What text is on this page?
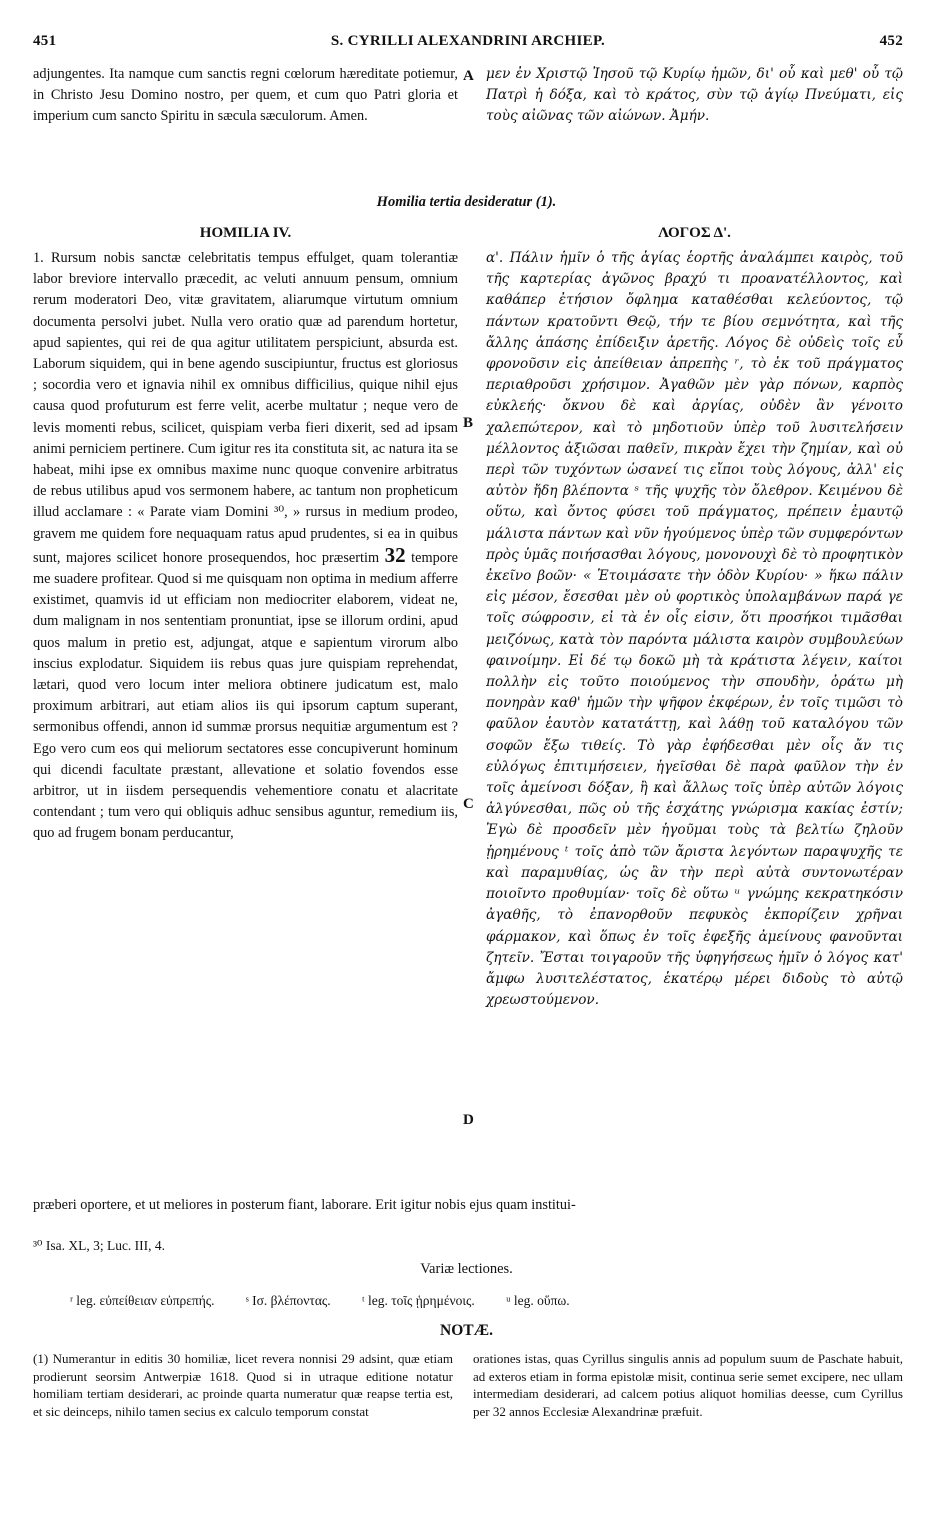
451	S. CYRILLI ALEXANDRINI ARCHIEP.	452

adjungentes. Ita namque cum sanctis regni cœlorum hæreditate potiemur, in Christo Jesu Domino nostro, per quem, et cum quo Patri gloria et imperium cum sancto Spiritu in sæcula sæculorum. Amen.

μεν ἐν Χριστῷ Ἰησοῦ τῷ Κυρίῳ ἡμῶν, δι' οὗ καὶ μεθ' οὗ τῷ Πατρὶ ἡ δόξα, καὶ τὸ κράτος, σὺν τῷ ἁγίῳ Πνεύματι, εἰς τοὺς αἰῶνας τῶν αἰώνων. Ἀμήν.

A
Homilia tertia desideratur (1).
HOMILIA IV.	ΛΟΓΟΣ Δ'.

1. Rursum nobis sanctæ celebritatis tempus effulget, quam tolerantiæ labor breviore intervallo præcedit, ac veluti annuum pensum, omnium rerum moderatori Deo, vitæ gravitatem, aliarumque virtutum omnium documenta persolvi jubet. Nulla vero oratio quæ ad parendum hortetur, apud sapientes, qui rei de qua agitur utilitatem perspiciunt, absurda est. Laborum siquidem, qui in bene agendo suscipiuntur, fructus est gloriosus ; socordia vero et ignavia nihil ex omnibus difficilius, quique nihil ejus causa quod profuturum est ferre velit, acerbe multatur ; neque vero de levis momenti rebus, scilicet, quispiam verba fieri dixerit, sed ad ipsam animi perniciem pertinere. Cum igitur res ita constituta sit, ac natura ita se habeat, mihi ipse ex omnibus maxime nunc quoque convenire arbitratus de rebus utilibus apud vos sermonem habere, ac tantum non propheticum illud acclamare : « Parate viam Domini ³⁰, » rursus in medium prodeo, gravem me quidem fore nequaquam ratus apud prudentes, si ea in quibus sunt, majores scilicet honore prosequendos, hoc præsertim 32 tempore me suadere profitear. Quod si me quisquam non optima in medium afferre existimet, quamvis id ut efficiam non mediocriter elaborem, videat ne, dum malignam in nos sententiam pronuntiat, ipse se illorum ordini, apud quos malum in pretio est, adjungat, atque e sapientum virorum albo inscius explodatur. Siquidem iis rebus quas jure quispiam reprehendat, lætari, quod vero locum inter meliora obtinere judicatum est, malo proximum arbitrari, aut etiam alios iis qui ipsorum captum superant, sermonibus offendi, annon id summæ prorsus nequitiæ argumentum est ? Ego vero cum eos qui meliorum sectatores esse concupiverunt hominum qui dicendi facultate præstant, allevatione et solatio fovendos esse arbitror, ut in iisdem persequendis vehementiore conatu et alacritate contendant ; tum vero qui obliquis adhuc sensibus aguntur, remedium iis, quo ad frugem bonam perducantur,

α'. Πάλιν ἡμῖν ὁ τῆς ἁγίας ἑορτῆς ἀναλάμπει καιρὸς, τοῦ τῆς καρτερίας ἀγῶνος βραχύ τι προανατέλλοντος, καὶ καθάπερ ἐτήσιον ὄφλημα καταθέσθαι κελεύοντος, τῷ πάντων κρατοῦντι Θεῷ, τήν τε βίου σεμνότητα, καὶ τῆς ἄλλης ἁπάσης ἐπίδειξιν ἀρετῆς. Λόγος δὲ οὐδεὶς τοῖς εὖ φρονοῦσιν εἰς ἀπείθειαν ἀπρεπὴς ʳ, τὸ ἐκ τοῦ πράγματος περιαθροῦσι χρήσιμον. Ἀγαθῶν μὲν γὰρ πόνων, καρπὸς εὐκλεής· ὄκνου δὲ καὶ ἀργίας, οὐδὲν ἂν γένοιτο χαλεπώτερον, καὶ τὸ μηδοτιοῦν ὑπὲρ τοῦ λυσιτελήσειν μέλλοντος ἀξιῶσαι παθεῖν, πικρὰν ἔχει τὴν ζημίαν, καὶ οὐ περὶ τῶν τυχόντων ὡσανεί τις εἴποι τοὺς λόγους, ἀλλ' εἰς αὐτὸν ἤδη βλέποντα ˢ τῆς ψυχῆς τὸν ὄλεθρον. Κειμένου δὲ οὕτω, καὶ ὄντος φύσει τοῦ πράγματος, πρέπειν ἐμαυτῷ μάλιστα πάντων καὶ νῦν ἡγούμενος ὑπὲρ τῶν συμφερόντων πρὸς ὑμᾶς ποιήσασθαι λόγους, μονονουχὶ δὲ τὸ προφητικὸν ἐκεῖνο βοῶν· « Ἑτοιμάσατε τὴν ὁδὸν Κυρίου· » ἥκω πάλιν εἰς μέσον, ἔσεσθαι μὲν οὐ φορτικὸς ὑπολαμβάνων παρά γε τοῖς σώφροσιν, εἰ τὰ ἐν οἷς εἰσιν, ὅτι προσήκοι τιμᾶσθαι μειζόνως, κατὰ τὸν παρόντα μάλιστα καιρὸν συμβουλεύων φαινοίμην. Εἰ δέ τῳ δοκῶ μὴ τὰ κράτιστα λέγειν, καίτοι πολλὴν εἰς τοῦτο ποιούμενος τὴν σπουδὴν, ὁράτω μὴ πονηρὰν καθ' ἡμῶν τὴν ψῆφον ἐκφέρων, ἐν τοῖς τιμῶσι τὸ φαῦλον ἑαυτὸν κατατάττῃ, καὶ λάθῃ τοῦ καταλόγου τῶν σοφῶν ἔξω τιθείς. Τὸ γὰρ ἐφήδεσθαι μὲν οἷς ἄν τις εὐλόγως ἐπιτιμήσειεν, ἡγεῖσθαι δὲ παρὰ φαῦλον τὴν ἐν τοῖς ἀμείνοσι δόξαν, ἢ καὶ ἄλλως τοῖς ὑπὲρ αὐτῶν λόγοις ἀλγύνεσθαι, πῶς οὐ τῆς ἐσχάτης γνώρισμα κακίας ἐστίν; Ἐγὼ δὲ προσδεῖν μὲν ἡγοῦμαι τοὺς τὰ βελτίω ζηλοῦν ᾑρημένους ᵗ τοῖς ἀπὸ τῶν ἄριστα λεγόντων παραψυχῆς τε καὶ παραμυθίας, ὡς ἂν τὴν περὶ αὐτὰ συντονωτέραν ποιοῖντο προθυμίαν· τοῖς δὲ οὕτω ᵘ γνώμης κεκρατηκόσιν ἀγαθῆς, τὸ ἐπανορθοῦν πεφυκὸς ἐκπορίζειν χρῆναι φάρμακον, καὶ ὅπως ἐν τοῖς ἐφεξῆς ἀμείνους φανοῦνται ζητεῖν. Ἔσται τοιγαροῦν τῆς ὑφηγήσεως ἡμῖν ὁ λόγος κατ' ἄμφω λυσιτελέστατος, ἑκατέρῳ μέρει διδοὺς τὸ αὐτῷ χρεωστούμενον.

B
C
D
præberi oportere, et ut meliores in posterum fiant, laborare. Erit igitur nobis ejus quam institui-
³⁰ Isa. XL, 3; Luc. III, 4.
Variæ lectiones.
ʳ leg. εὐπείθειαν εὐπρεπής. ˢ Ισ. βλέποντας. ᵗ leg. τοῖς ᾑρημένοις. ᵘ leg. οὕπω.
NOTÆ.
(1) Numerantur in editis 30 homiliæ, licet revera nonnisi 29 adsint, quæ etiam prodierunt seorsim Antwerpiæ 1618. Quod si in utraque editione notatur homiliam tertiam desiderari, ac proinde quarta numeratur quæ reapse tertia est, et sic deinceps, nihilo tamen secius ex calculo temporum constat
orationes istas, quas Cyrillus singulis annis ad populum suum de Paschate habuit, ad exteros etiam in forma epistolæ misit, continua serie semet excipere, nec ullam intermediam desiderari, ad calcem potius aliquot homilias deesse, cum Cyrillus per 32 annos Ecclesiæ Alexandrinæ præfuit.
